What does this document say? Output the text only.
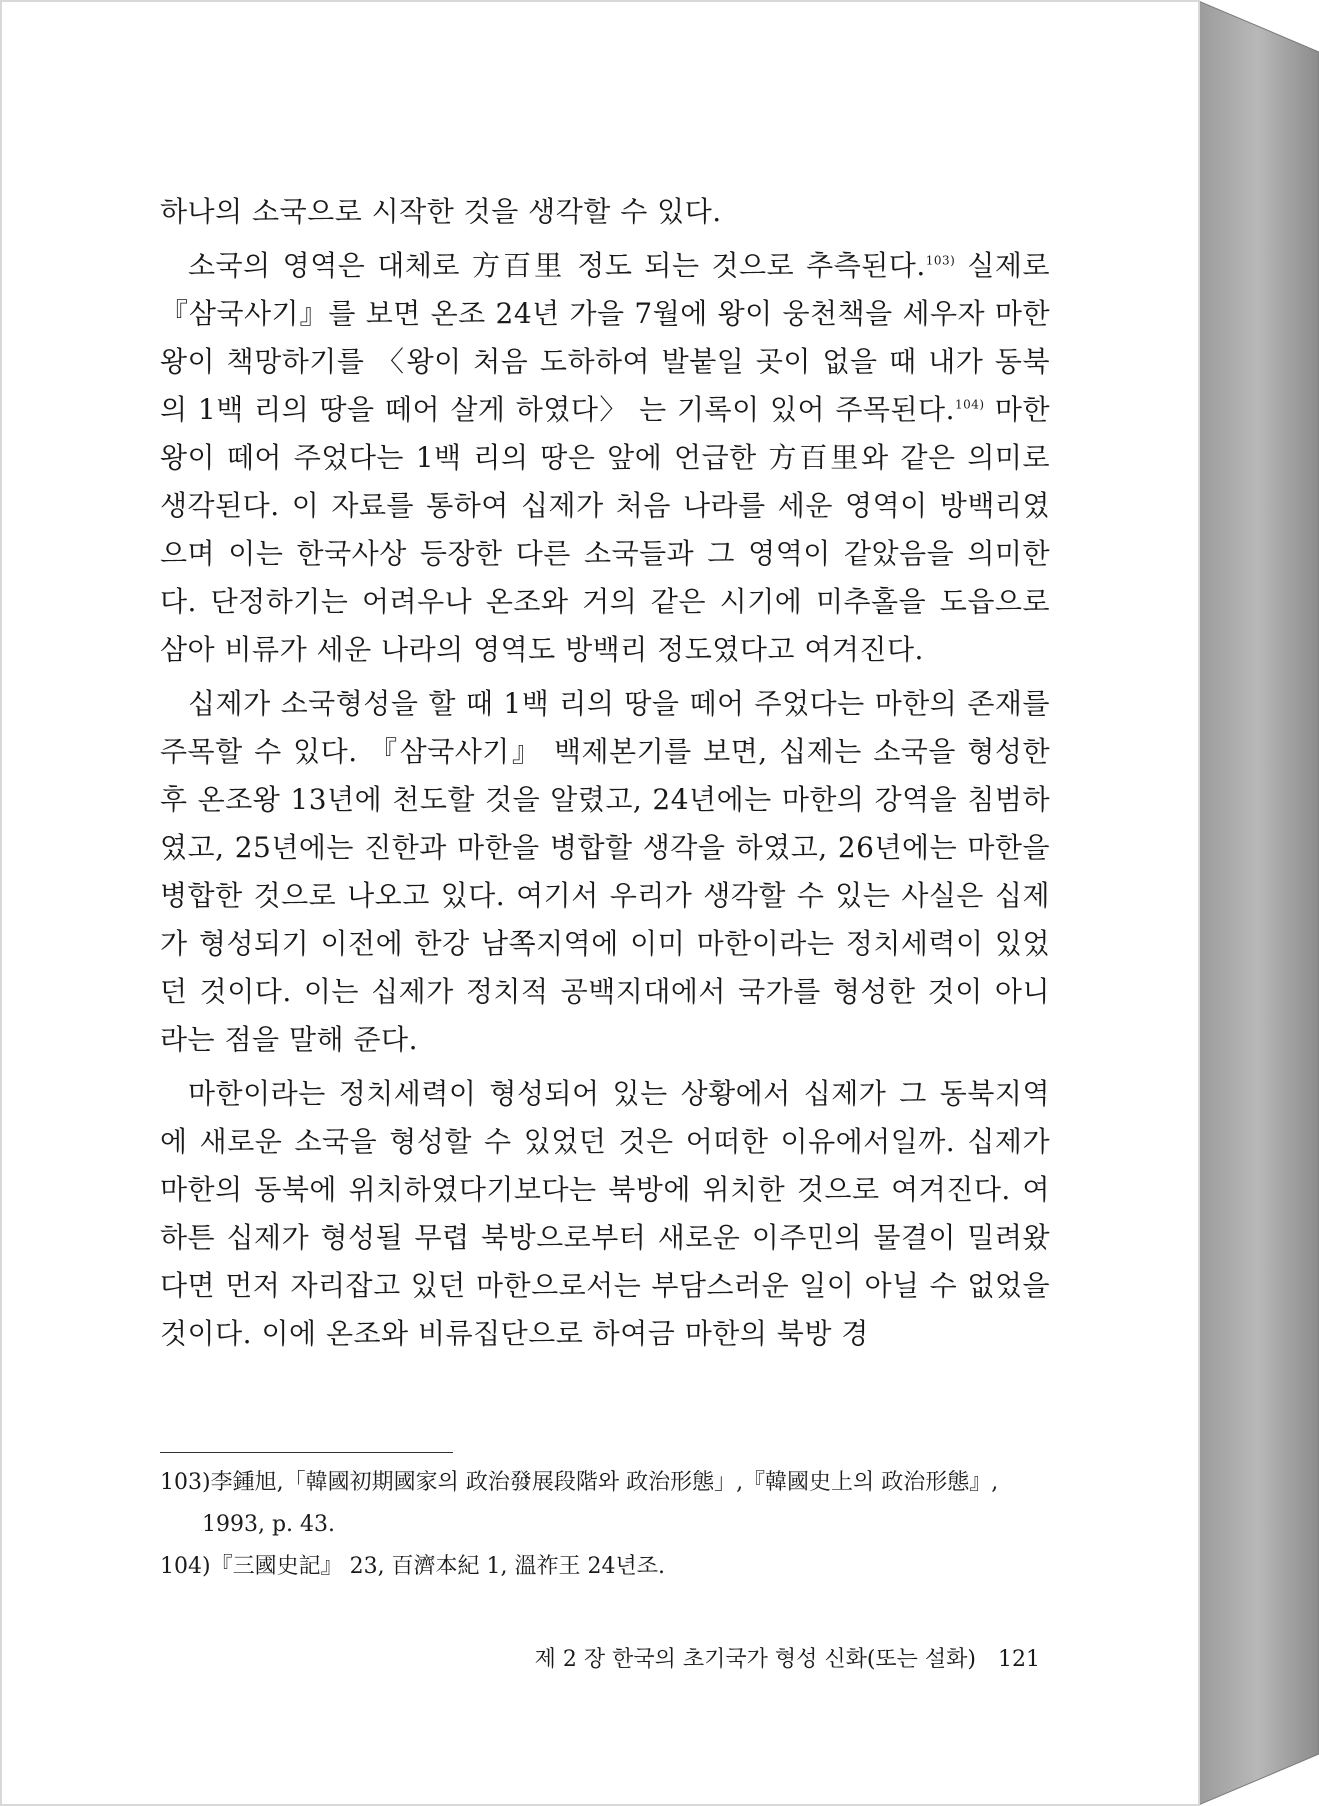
하나의 소국으로 시작한 것을 생각할 수 있다.

소국의 영역은 대체로 方百里 정도 되는 것으로 추측된다.$^{103)}$ 실제로 『삼국사기』를 보면 온조 24년 가을 7월에 왕이 웅천책을 세우자 마한왕이 책망하기를 〈왕이 처음 도하하여 발붙일 곳이 없을 때 내가 동북의 1백 리의 땅을 떼어 살게 하였다〉 는 기록이 있어 주목된다.$^{104)}$ 마한왕이 떼어 주었다는 1백 리의 땅은 앞에 언급한 方百里와 같은 의미로 생각된다. 이 자료를 통하여 십제가 처음 나라를 세운 영역이 방백리였으며 이는 한국사상 등장한 다른 소국들과 그 영역이 같았음을 의미한다. 단정하기는 어려우나 온조와 거의 같은 시기에 미추홀을 도읍으로 삼아 비류가 세운 나라의 영역도 방백리 정도였다고 여겨진다.

십제가 소국형성을 할 때 1백 리의 땅을 떼어 주었다는 마한의 존재를 주목할 수 있다. 『삼국사기』 백제본기를 보면, 십제는 소국을 형성한 후 온조왕 13년에 천도할 것을 알렸고, 24년에는 마한의 강역을 침범하였고, 25년에는 진한과 마한을 병합할 생각을 하였고, 26년에는 마한을 병합한 것으로 나오고 있다. 여기서 우리가 생각할 수 있는 사실은 십제가 형성되기 이전에 한강 남쪽지역에 이미 마한이라는 정치세력이 있었던 것이다. 이는 십제가 정치적 공백지대에서 국가를 형성한 것이 아니라는 점을 말해 준다.

마한이라는 정치세력이 형성되어 있는 상황에서 십제가 그 동북지역에 새로운 소국을 형성할 수 있었던 것은 어떠한 이유에서일까. 십제가 마한의 동북에 위치하였다기보다는 북방에 위치한 것으로 여겨진다. 여하튼 십제가 형성될 무렵 북방으로부터 새로운 이주민의 물결이 밀려왔다면 먼저 자리잡고 있던 마한으로서는 부담스러운 일이 아닐 수 없었을 것이다. 이에 온조와 비류집단으로 하여금 마한의 북방 경

103) 李鍾旭,「韓國初期國家의 政治發展段階와 政治形態」,『韓國史上의 政治形態』,
1993, p. 43.
104) 『三國史記』 23, 百濟本紀 1, 溫祚王 24년조.
제 2 장 한국의 초기국가 형성 신화(또는 설화) 121
